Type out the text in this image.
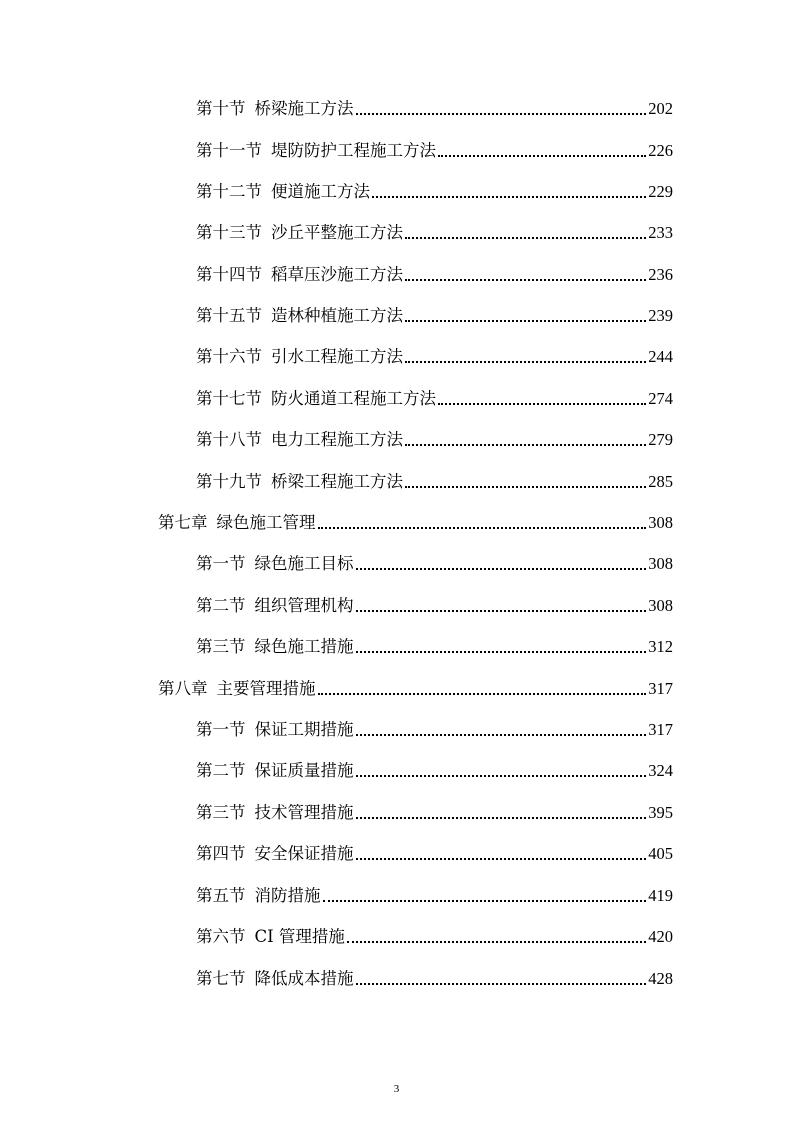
第十节 桥梁施工方法	202
第十一节 堤防防护工程施工方法	226
第十二节 便道施工方法	229
第十三节 沙丘平整施工方法	233
第十四节 稻草压沙施工方法	236
第十五节 造林种植施工方法	239
第十六节 引水工程施工方法	244
第十七节 防火通道工程施工方法	274
第十八节 电力工程施工方法	279
第十九节 桥梁工程施工方法	285
第七章 绿色施工管理	308
第一节 绿色施工目标	308
第二节 组织管理机构	308
第三节 绿色施工措施	312
第八章 主要管理措施	317
第一节 保证工期措施	317
第二节 保证质量措施	324
第三节 技术管理措施	395
第四节 安全保证措施	405
第五节 消防措施	419
第六节 CI 管理措施	420
第七节 降低成本措施	428
3
